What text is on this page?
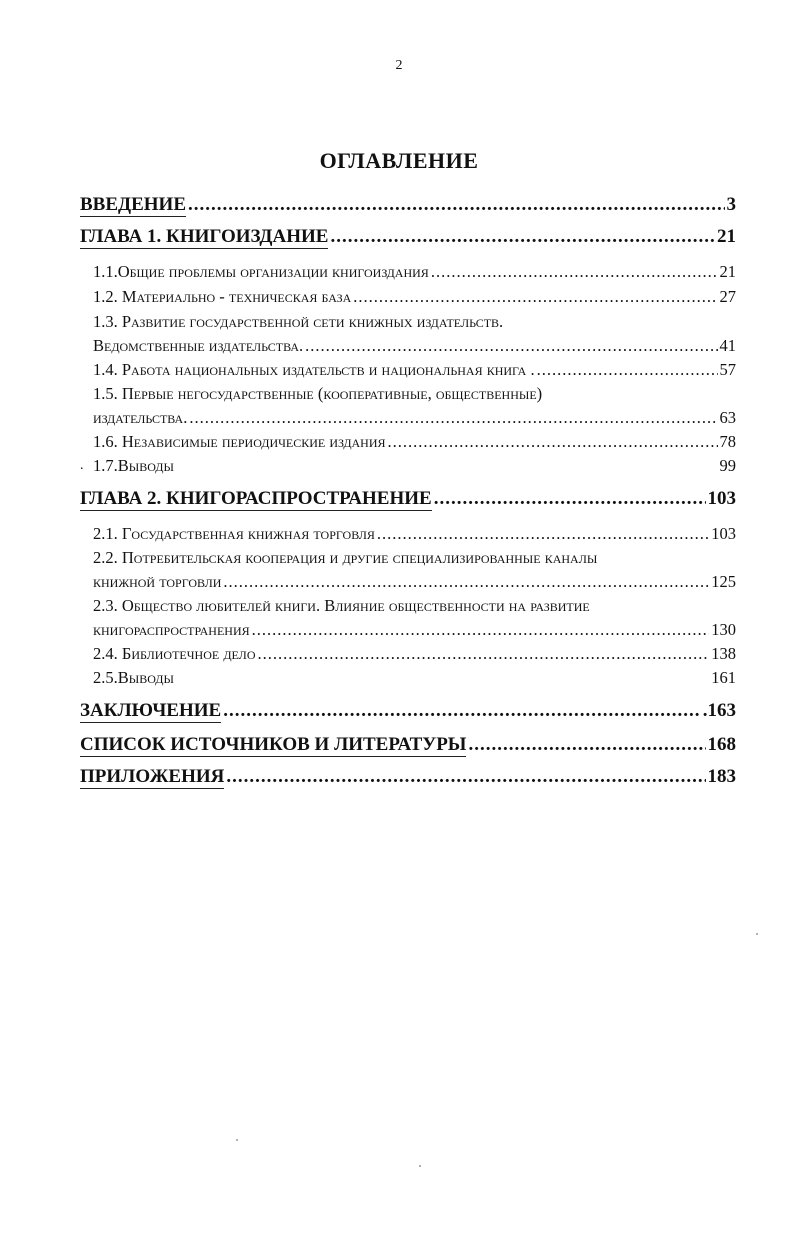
2
ОГЛАВЛЕНИЕ
ВВЕДЕНИЕ .....	3
ГЛАВА 1. КНИГОИЗДАНИЕ .....	21
1.1.Общие проблемы организации книгоиздания .....	21
1.2. Материально - техническая база .....	27
1.3. Развитие государственной сети книжных издательств.
Ведомственные издательства. .....	41
1.4. Работа национальных издательств и национальная книга . .....	57
1.5. Первые негосударственные (кооперативные, общественные)
издательства. .....	63
1.6. Независимые периодические издания .....	78
. 1.7.Выводы	99
ГЛАВА 2. КНИГОРАСПРОСТРАНЕНИЕ .....	103
2.1. Государственная книжная торговля .....	103
2.2. Потребительская кооперация и другие специализированные каналы
книжной торговли .....	125
2.3. Общество любителей книги. Влияние общественности на развитие
книгораспространения .....	130
2.4. Библиотечное дело .....	138
2.5.Выводы	161
ЗАКЛЮЧЕНИЕ .....	.163
СПИСОК ИСТОЧНИКОВ И ЛИТЕРАТУРЫ .....	168
ПРИЛОЖЕНИЯ .....	183
